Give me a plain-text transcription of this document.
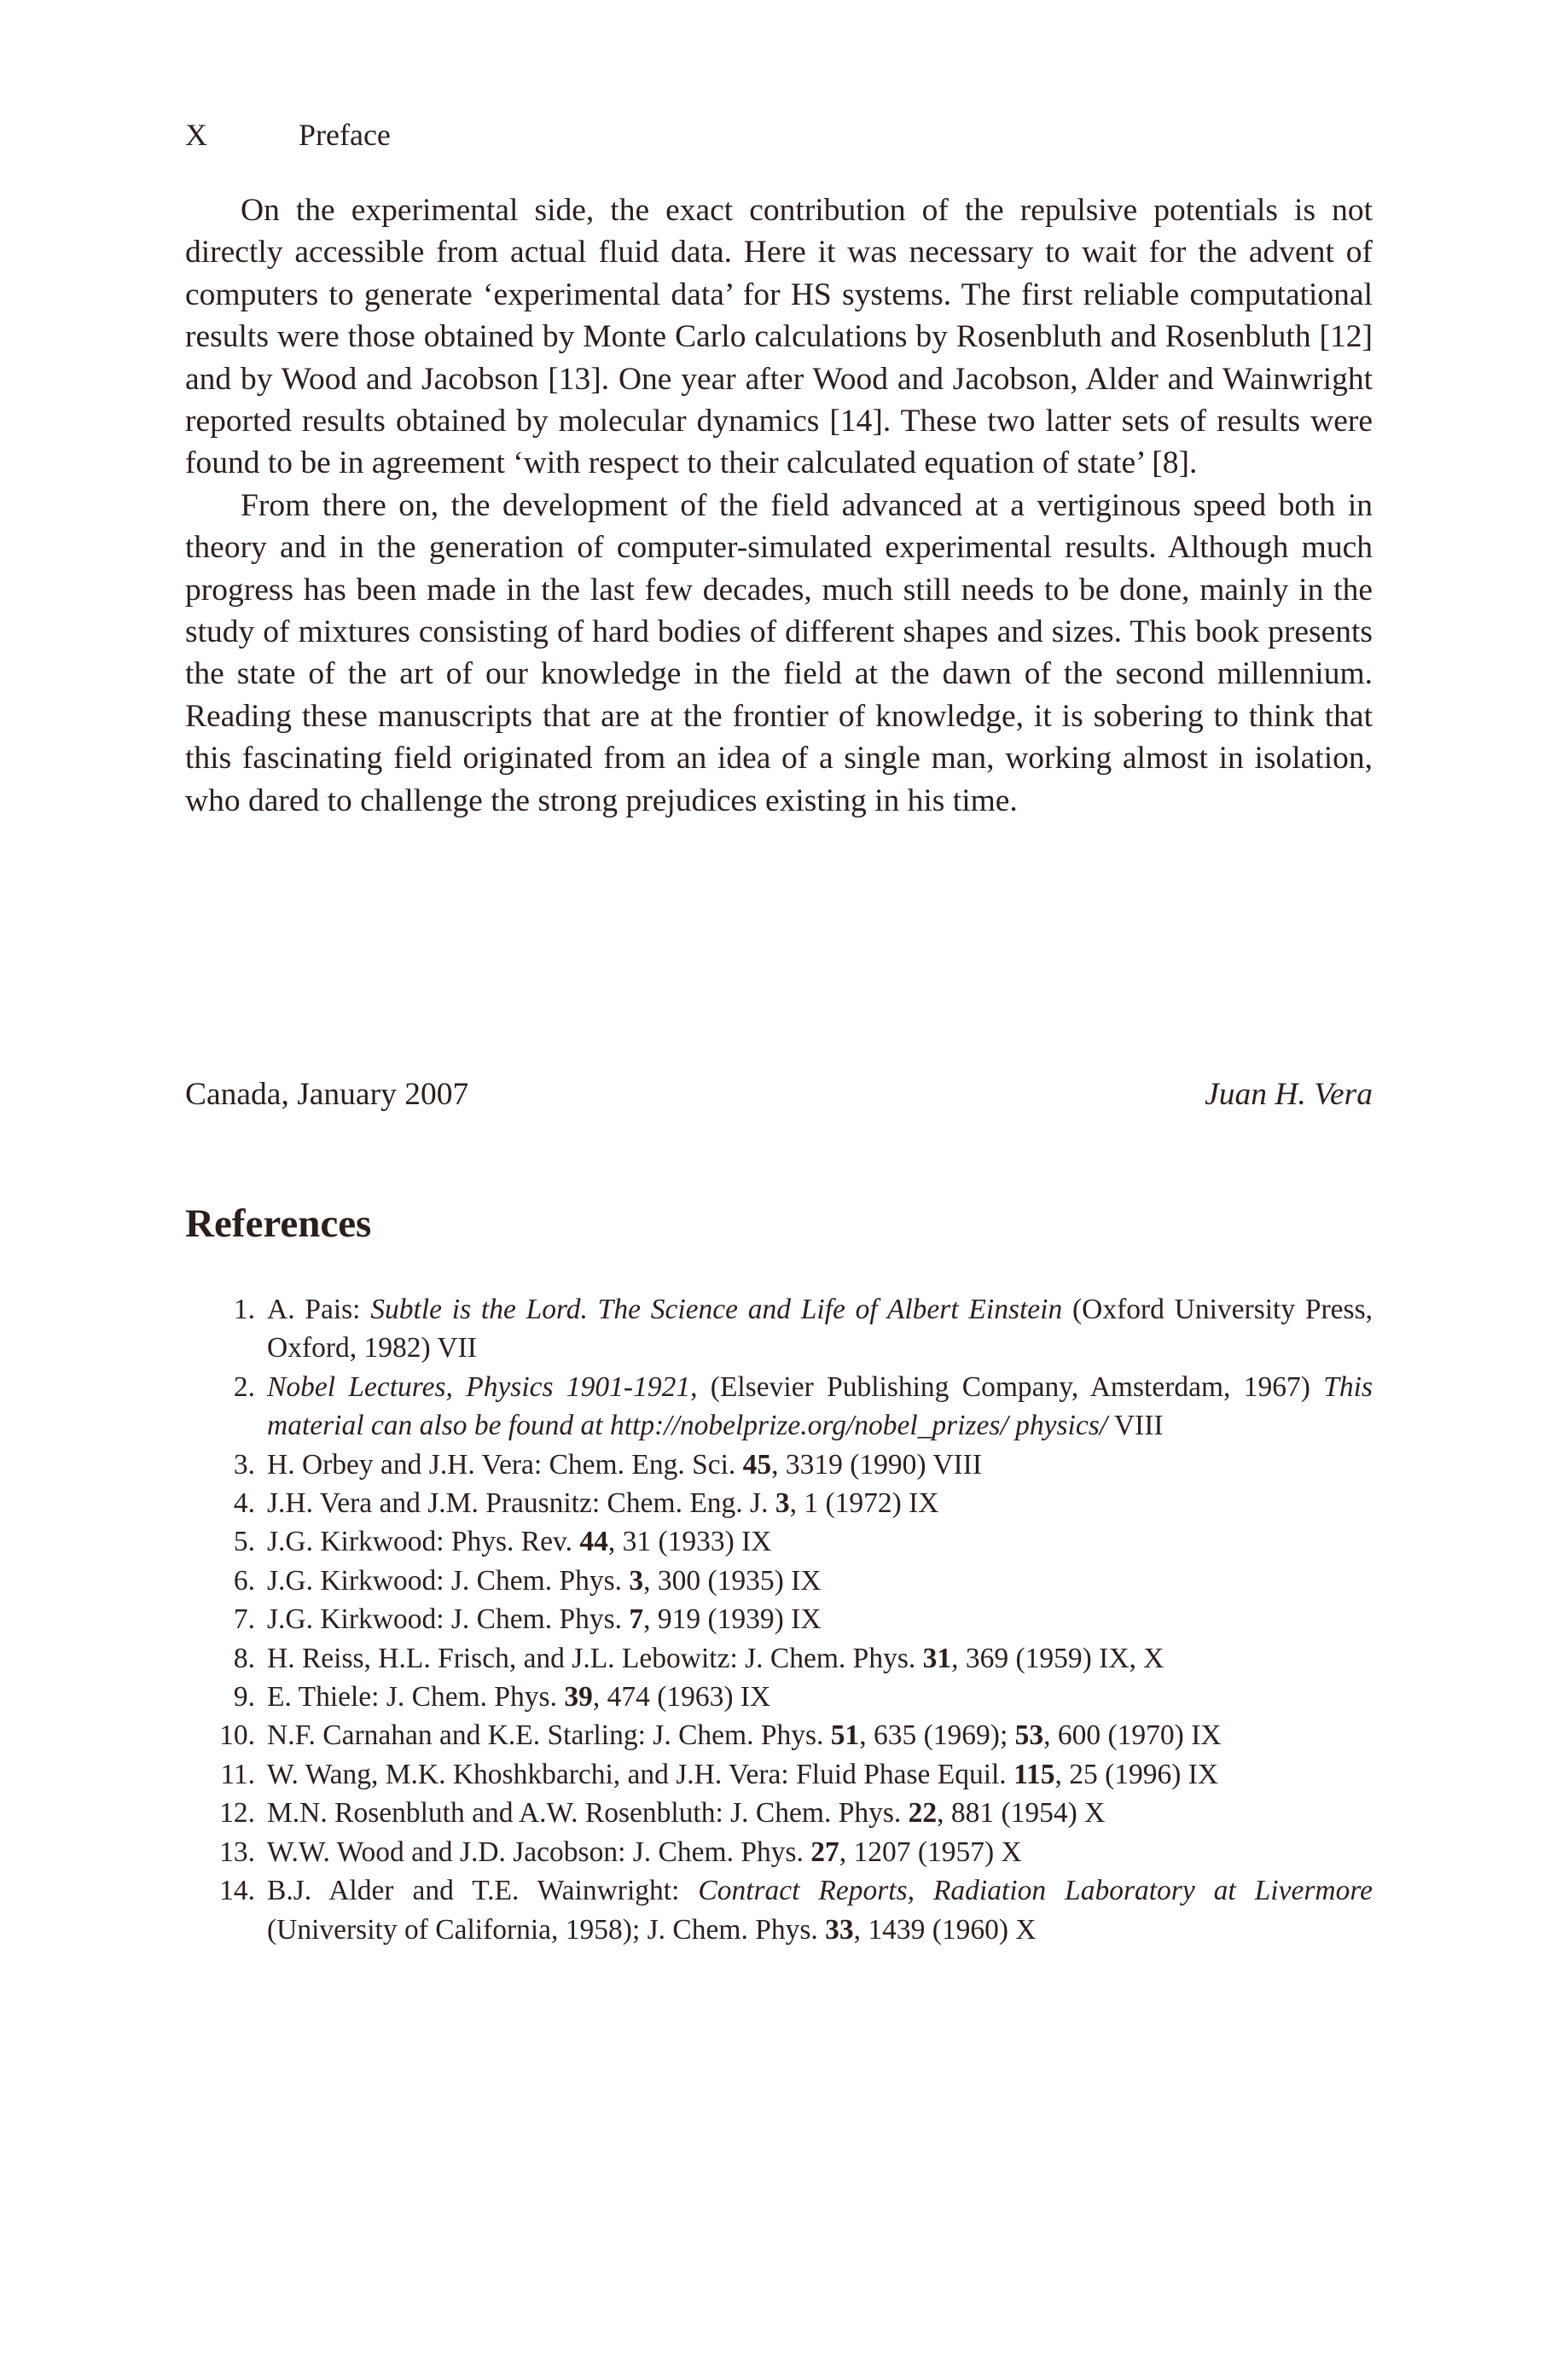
X	Preface

On the experimental side, the exact contribution of the repulsive potentials is not directly accessible from actual fluid data. Here it was necessary to wait for the advent of computers to generate ‘experimental data’ for HS systems. The first reliable computational results were those obtained by Monte Carlo calculations by Rosenbluth and Rosenbluth [12] and by Wood and Jacobson [13]. One year after Wood and Jacobson, Alder and Wainwright reported results obtained by molecular dynamics [14]. These two latter sets of results were found to be in agreement ‘with respect to their calculated equation of state’ [8].

From there on, the development of the field advanced at a vertiginous speed both in theory and in the generation of computer-simulated experimental results. Although much progress has been made in the last few decades, much still needs to be done, mainly in the study of mixtures consisting of hard bodies of different shapes and sizes. This book presents the state of the art of our knowledge in the field at the dawn of the second millennium. Reading these manuscripts that are at the frontier of knowledge, it is sobering to think that this fascinating field originated from an idea of a single man, working almost in isolation, who dared to challenge the strong prejudices existing in his time.

Canada, January 2007	Juan H. Vera
References
1. A. Pais: Subtle is the Lord. The Science and Life of Albert Einstein (Oxford University Press, Oxford, 1982) VII
2. Nobel Lectures, Physics 1901-1921, (Elsevier Publishing Company, Amsterdam, 1967) This material can also be found at http://nobelprize.org/nobel_prizes/ physics/ VIII
3. H. Orbey and J.H. Vera: Chem. Eng. Sci. 45, 3319 (1990) VIII
4. J.H. Vera and J.M. Prausnitz: Chem. Eng. J. 3, 1 (1972) IX
5. J.G. Kirkwood: Phys. Rev. 44, 31 (1933) IX
6. J.G. Kirkwood: J. Chem. Phys. 3, 300 (1935) IX
7. J.G. Kirkwood: J. Chem. Phys. 7, 919 (1939) IX
8. H. Reiss, H.L. Frisch, and J.L. Lebowitz: J. Chem. Phys. 31, 369 (1959) IX, X
9. E. Thiele: J. Chem. Phys. 39, 474 (1963) IX
10. N.F. Carnahan and K.E. Starling: J. Chem. Phys. 51, 635 (1969); 53, 600 (1970) IX
11. W. Wang, M.K. Khoshkbarchi, and J.H. Vera: Fluid Phase Equil. 115, 25 (1996) IX
12. M.N. Rosenbluth and A.W. Rosenbluth: J. Chem. Phys. 22, 881 (1954) X
13. W.W. Wood and J.D. Jacobson: J. Chem. Phys. 27, 1207 (1957) X
14. B.J. Alder and T.E. Wainwright: Contract Reports, Radiation Laboratory at Livermore (University of California, 1958); J. Chem. Phys. 33, 1439 (1960) X
